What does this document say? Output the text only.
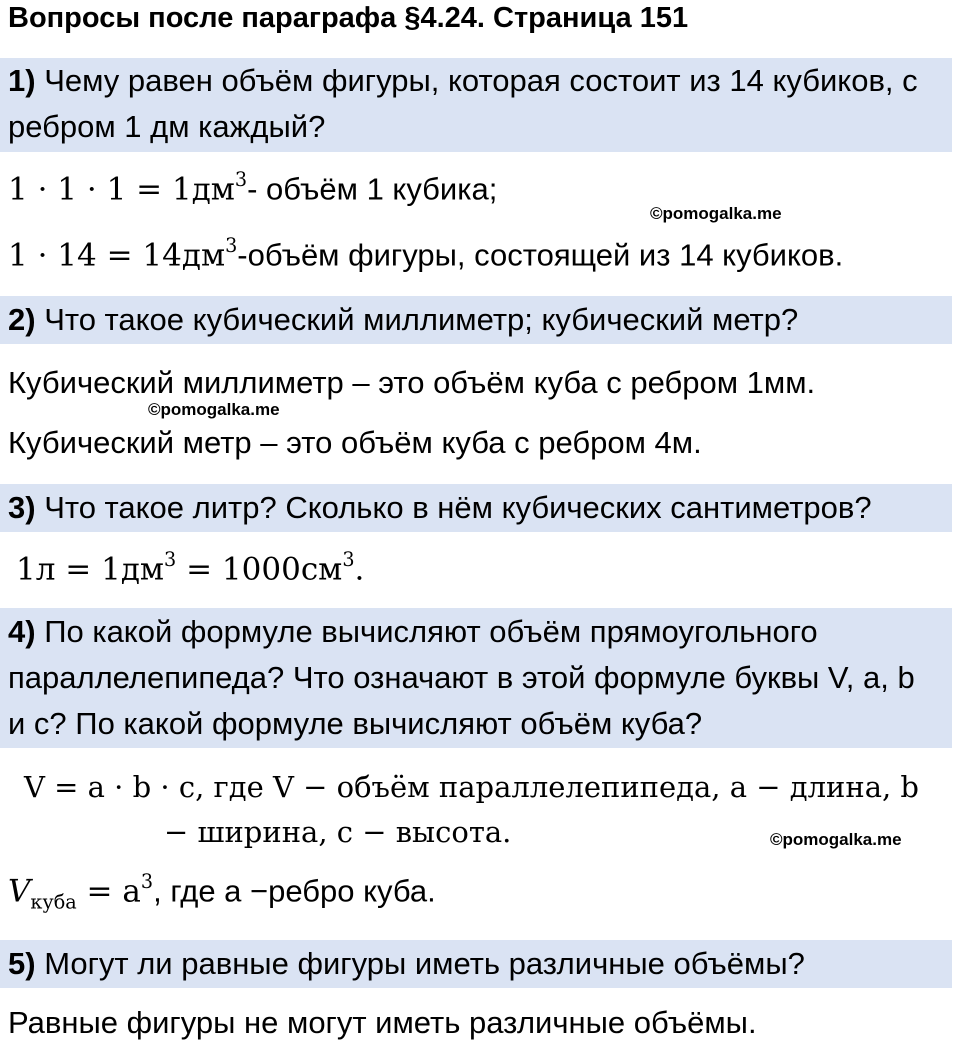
Вопросы после параграфа §4.24. Страница 151
1) Чему равен объём фигуры, которая состоит из 14 кубиков, с
ребром 1 дм каждый?
$1 \cdot 1 \cdot 1 = 1дм^3-$ объём 1 кубика;
©pomogalka.me
$1 \cdot 14 = 14дм^3$-объём фигуры, состоящей из 14 кубиков.
2) Что такое кубический миллиметр; кубический метр?
Кубический миллиметр – это объём куба с ребром 1мм.
©pomogalka.me
Кубический метр – это объём куба с ребром 4м.
3) Что такое литр? Сколько в нём кубических сантиметров?
$1л = 1дм^3 = 1000см^3$.
4) По какой формуле вычисляют объём прямоугольного
параллелепипеда? Что означают в этой формуле буквы V, a, b
и с? По какой формуле вычисляют объём куба?
V = a · b · c, где V − объём параллелепипеда, a − длина, b
− ширина, c − высота.	©pomogalka.me
$V_{куба} = a^3$, где a −ребро куба.
5) Могут ли равные фигуры иметь различные объёмы?
Равные фигуры не могут иметь различные объёмы.
